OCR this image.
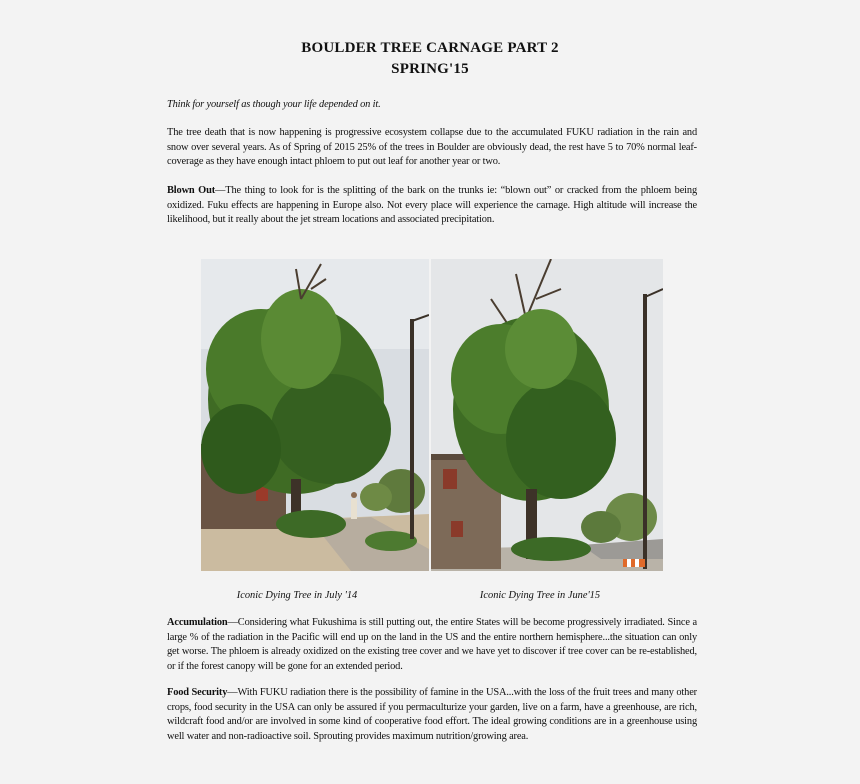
BOULDER TREE CARNAGE PART 2
SPRING'15
Think for yourself as though your life depended on it.
The tree death that is now happening is progressive ecosystem collapse due to the accumulated FUKU radiation in the rain and snow over several years. As of Spring of 2015 25% of the trees in Boulder are obviously dead, the rest have 5 to 70% normal leaf-coverage as they have enough intact phloem to put out leaf for another year or two.
Blown Out—The thing to look for is the splitting of the bark on the trunks ie: “blown out” or cracked from the phloem being oxidized. Fuku effects are happening in Europe also. Not every place will experience the carnage. High altitude will increase the likelihood, but it really about the jet stream locations and associated precipitation.
Iconic Dying Tree in July '14	Iconic Dying Tree in June'15
Accumulation—Considering what Fukushima is still putting out, the entire States will be become progressively irradiated. Since a large % of the radiation in the Pacific will end up on the land in the US and the entire northern hemisphere...the situation can only get worse. The phloem is already oxidized on the existing tree cover and we have yet to discover if tree cover can be re-established, or if the forest canopy will be gone for an extended period.
Food Security—With FUKU radiation there is the possibility of famine in the USA...with the loss of the fruit trees and many other crops, food security in the USA can only be assured if you permaculturize your garden, live on a farm, have a greenhouse, are rich, wildcraft food and/or are involved in some kind of cooperative food effort. The ideal growing conditions are in a greenhouse using well water and non-radioactive soil. Sprouting provides maximum nutrition/growing area.
